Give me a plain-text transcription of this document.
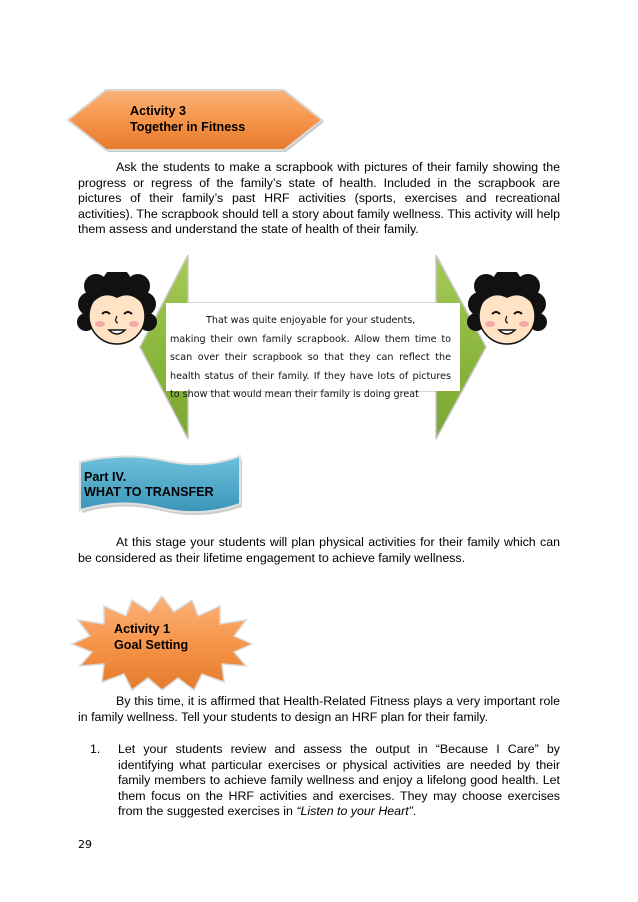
Activity 3
Together in Fitness
Ask the students to make a scrapbook with pictures of their family showing the progress or regress of the family’s state of health. Included in the scrapbook are pictures of their family’s past HRF activities (sports, exercises and recreational activities). The scrapbook should tell a story about family wellness. This activity will help them assess and understand the state of health of their family.
That was quite enjoyable for your students,
making their own family scrapbook. Allow them time to scan over their scrapbook so that they can reflect the health status of their family. If they have lots of pictures to show that would mean their family is doing great
Part IV.
WHAT TO TRANSFER
At this stage your students will plan physical activities for their family which can be considered as their lifetime engagement to achieve family wellness.
Activity 1
Goal Setting
By this time, it is affirmed that Health-Related Fitness plays a very important role in family wellness. Tell your students to design an HRF plan for their family.
1. Let your students review and assess the output in “Because I Care” by identifying what particular exercises or physical activities are needed by their family members to achieve family wellness and enjoy a lifelong good health. Let them focus on the HRF activities and exercises. They may choose exercises from the suggested exercises in “Listen to your Heart”.
29
